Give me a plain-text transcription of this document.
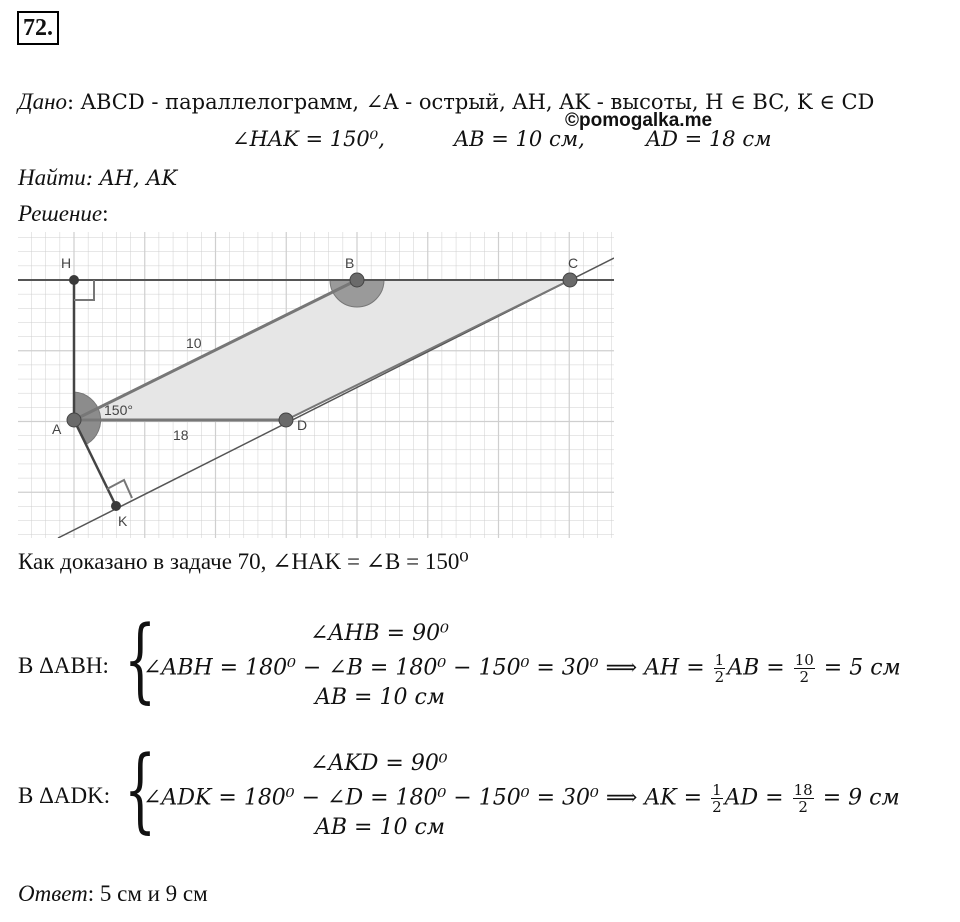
72.
Дано: ABCD - параллелограмм, ∠A - острый, AH, AK - высоты, H ∈ BC, K ∈ CD
©pomogalka.me
∠HAK = 150⁰,	AB = 10 см,	AD = 18 см
Найти: AH, AK
Решение:
H	B	C
A	D
K
10
18
150°
Как доказано в задаче 70, ∠HAK = ∠B = 150⁰
В ΔABH: {	∠AHB = 90⁰
∠ABH = 180⁰ − ∠B = 180⁰ − 150⁰ = 30⁰ ⟹ AH = $\frac{1}{2}$ AB = $\frac{10}{2} = 5$ см
AB = 10 см
В ΔADK: {	∠AKD = 90⁰
∠ADK = 180⁰ − ∠D = 180⁰ − 150⁰ = 30⁰ ⟹ AK = $\frac{1}{2}$ AD = $\frac{18}{2} = 9$ см
AB = 10 см
Ответ: 5 см и 9 см
